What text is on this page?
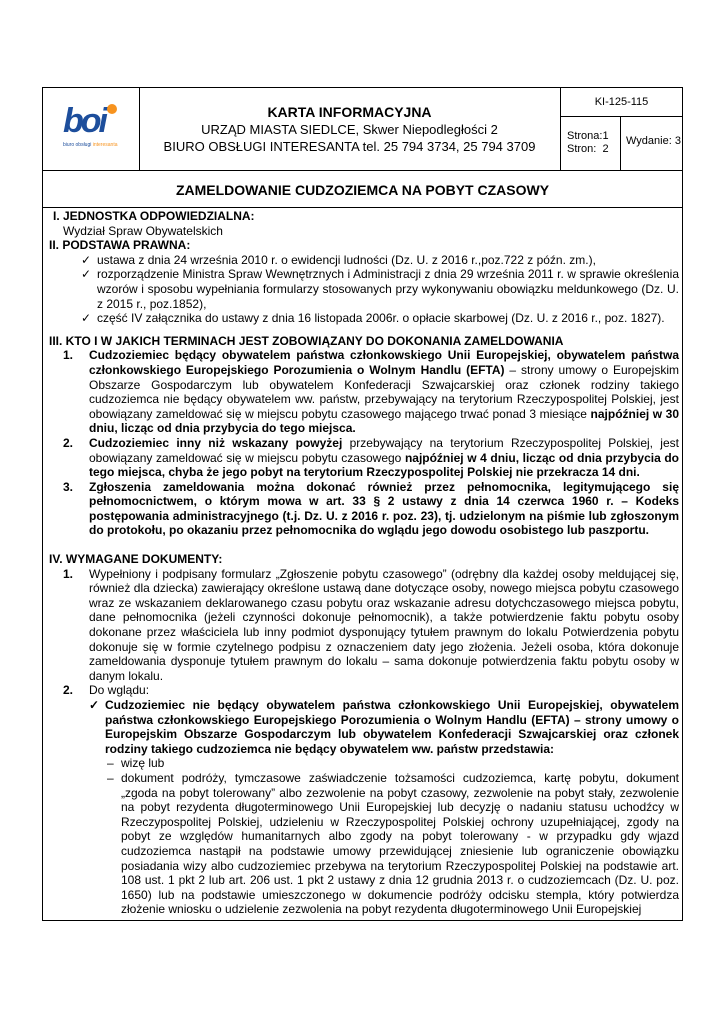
boi
biuro obsługi interesanta
KARTA INFORMACYJNA
URZĄD MIASTA SIEDLCE, Skwer Niepodległości 2
BIURO OBSŁUGI INTERESANTA tel. 25 794 3734, 25 794 3709
KI-125-115
Strona:1
Stron:  2
Wydanie: 3
ZAMELDOWANIE CUDZOZIEMCA NA POBYT CZASOWY

I. JEDNOSTKA ODPOWIEDZIALNA:

Wydział Spraw Obywatelskich

II. PODSTAWA PRAWNA:

✓ ustawa z dnia 24 września 2010 r. o ewidencji ludności (Dz. U. z 2016 r.,poz.722 z późn. zm.),

✓ rozporządzenie Ministra Spraw Wewnętrznych i Administracji z dnia 29 września 2011 r. w sprawie określenia wzorów i sposobu wypełniania formularzy stosowanych przy wykonywaniu obowiązku meldunkowego (Dz. U. z 2015 r., poz.1852),

✓ część IV załącznika do ustawy z dnia 16 listopada 2006r. o opłacie skarbowej (Dz. U. z 2016 r., poz. 1827).

III. KTO I W JAKICH TERMINACH JEST ZOBOWIĄZANY DO DOKONANIA ZAMELDOWANIA

1. Cudzoziemiec będący obywatelem państwa członkowskiego Unii Europejskiej, obywatelem państwa członkowskiego Europejskiego Porozumienia o Wolnym Handlu (EFTA) – strony umowy o Europejskim Obszarze Gospodarczym lub obywatelem Konfederacji Szwajcarskiej oraz członek rodziny takiego cudzoziemca nie będący obywatelem ww. państw, przebywający na terytorium Rzeczypospolitej Polskiej, jest obowiązany zameldować się w miejscu pobytu czasowego mającego trwać ponad 3 miesiące najpóźniej w 30 dniu, licząc od dnia przybycia do tego miejsca.

2. Cudzoziemiec inny niż wskazany powyżej przebywający na terytorium Rzeczypospolitej Polskiej, jest obowiązany zameldować się w miejscu pobytu czasowego najpóźniej w 4 dniu, licząc od dnia przybycia do tego miejsca, chyba że jego pobyt na terytorium Rzeczypospolitej Polskiej nie przekracza 14 dni.

3. Zgłoszenia zameldowania można dokonać również przez pełnomocnika, legitymującego się pełnomocnictwem, o którym mowa w art. 33 § 2 ustawy z dnia 14 czerwca 1960 r. – Kodeks postępowania administracyjnego (t.j. Dz. U. z 2016 r. poz. 23), tj. udzielonym na piśmie lub zgłoszonym do protokołu, po okazaniu przez pełnomocnika do wglądu jego dowodu osobistego lub paszportu.

IV. WYMAGANE DOKUMENTY:

1. Wypełniony i podpisany formularz „Zgłoszenie pobytu czasowego” (odrębny dla każdej osoby meldującej się, również dla dziecka) zawierający określone ustawą dane dotyczące osoby, nowego miejsca pobytu czasowego wraz ze wskazaniem deklarowanego czasu pobytu oraz wskazanie adresu dotychczasowego miejsca pobytu, dane pełnomocnika (jeżeli czynności dokonuje pełnomocnik), a także potwierdzenie faktu pobytu osoby dokonane przez właściciela lub inny podmiot dysponujący tytułem prawnym do lokalu Potwierdzenia pobytu dokonuje się w formie czytelnego podpisu z oznaczeniem daty jego złożenia. Jeżeli osoba, która dokonuje zameldowania dysponuje tytułem prawnym do lokalu – sama dokonuje potwierdzenia faktu pobytu osoby w danym lokalu.

2. Do wglądu:

✓ Cudzoziemiec nie będący obywatelem państwa członkowskiego Unii Europejskiej, obywatelem państwa członkowskiego Europejskiego Porozumienia o Wolnym Handlu (EFTA) – strony umowy o Europejskim Obszarze Gospodarczym lub obywatelem Konfederacji Szwajcarskiej oraz członek rodziny takiego cudzoziemca nie będący obywatelem ww. państw przedstawia:

– wizę lub

– dokument podróży, tymczasowe zaświadczenie tożsamości cudzoziemca, kartę pobytu, dokument „zgoda na pobyt tolerowany” albo zezwolenie na pobyt czasowy, zezwolenie na pobyt stały, zezwolenie na pobyt rezydenta długoterminowego Unii Europejskiej lub decyzję o nadaniu statusu uchodźcy w Rzeczypospolitej Polskiej, udzieleniu w Rzeczypospolitej Polskiej ochrony uzupełniającej, zgody na pobyt ze względów humanitarnych albo zgody na pobyt tolerowany - w przypadku gdy wjazd cudzoziemca nastąpił na podstawie umowy przewidującej zniesienie lub ograniczenie obowiązku posiadania wizy albo cudzoziemiec przebywa na terytorium Rzeczypospolitej Polskiej na podstawie art. 108 ust. 1 pkt 2 lub art. 206 ust. 1 pkt 2 ustawy z dnia 12 grudnia 2013 r. o cudzoziemcach (Dz. U. poz. 1650) lub na podstawie umieszczonego w dokumencie podróży odcisku stempla, który potwierdza złożenie wniosku o udzielenie zezwolenia na pobyt rezydenta długoterminowego Unii Europejskiej
